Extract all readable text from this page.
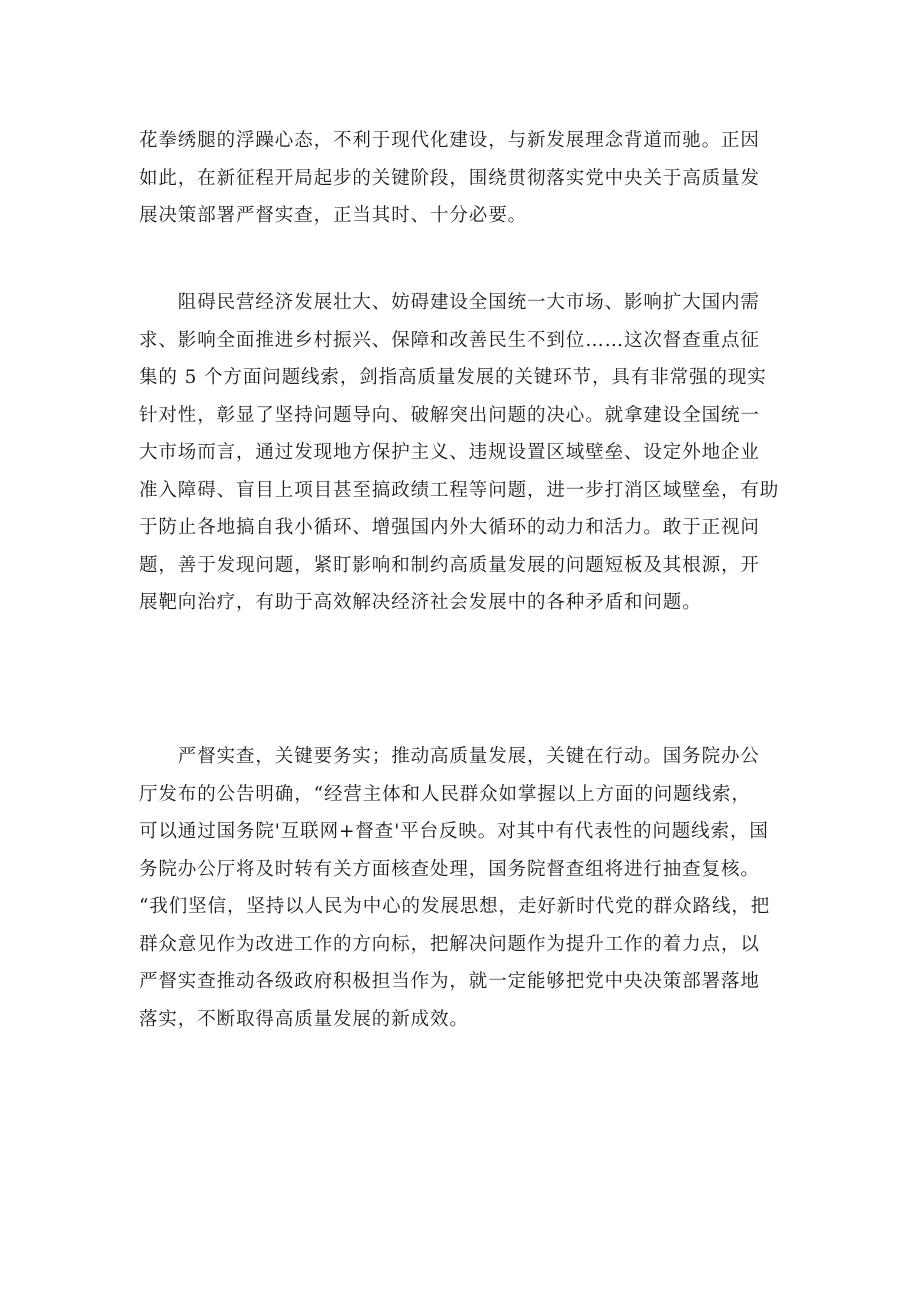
花拳绣腿的浮躁心态，不利于现代化建设，与新发展理念背道而驰。正因
如此，在新征程开局起步的关键阶段，围绕贯彻落实党中央关于高质量发
展决策部署严督实查，正当其时、十分必要。
　　阻碍民营经济发展壮大、妨碍建设全国统一大市场、影响扩大国内需
求、影响全面推进乡村振兴、保障和改善民生不到位……这次督查重点征
集的 5 个方面问题线索，剑指高质量发展的关键环节，具有非常强的现实
针对性，彰显了坚持问题导向、破解突出问题的决心。就拿建设全国统一
大市场而言，通过发现地方保护主义、违规设置区域壁垒、设定外地企业
准入障碍、盲目上项目甚至搞政绩工程等问题，进一步打消区域壁垒，有助
于防止各地搞自我小循环、增强国内外大循环的动力和活力。敢于正视问
题，善于发现问题，紧盯影响和制约高质量发展的问题短板及其根源，开
展靶向治疗，有助于高效解决经济社会发展中的各种矛盾和问题。
　　严督实查，关键要务实；推动高质量发展，关键在行动。国务院办公
厅发布的公告明确，“经营主体和人民群众如掌握以上方面的问题线索，
可以通过国务院'互联网+督查'平台反映。对其中有代表性的问题线索，国
务院办公厅将及时转有关方面核查处理，国务院督查组将进行抽查复核。
“我们坚信，坚持以人民为中心的发展思想，走好新时代党的群众路线，把
群众意见作为改进工作的方向标，把解决问题作为提升工作的着力点，以
严督实查推动各级政府积极担当作为，就一定能够把党中央决策部署落地
落实，不断取得高质量发展的新成效。
